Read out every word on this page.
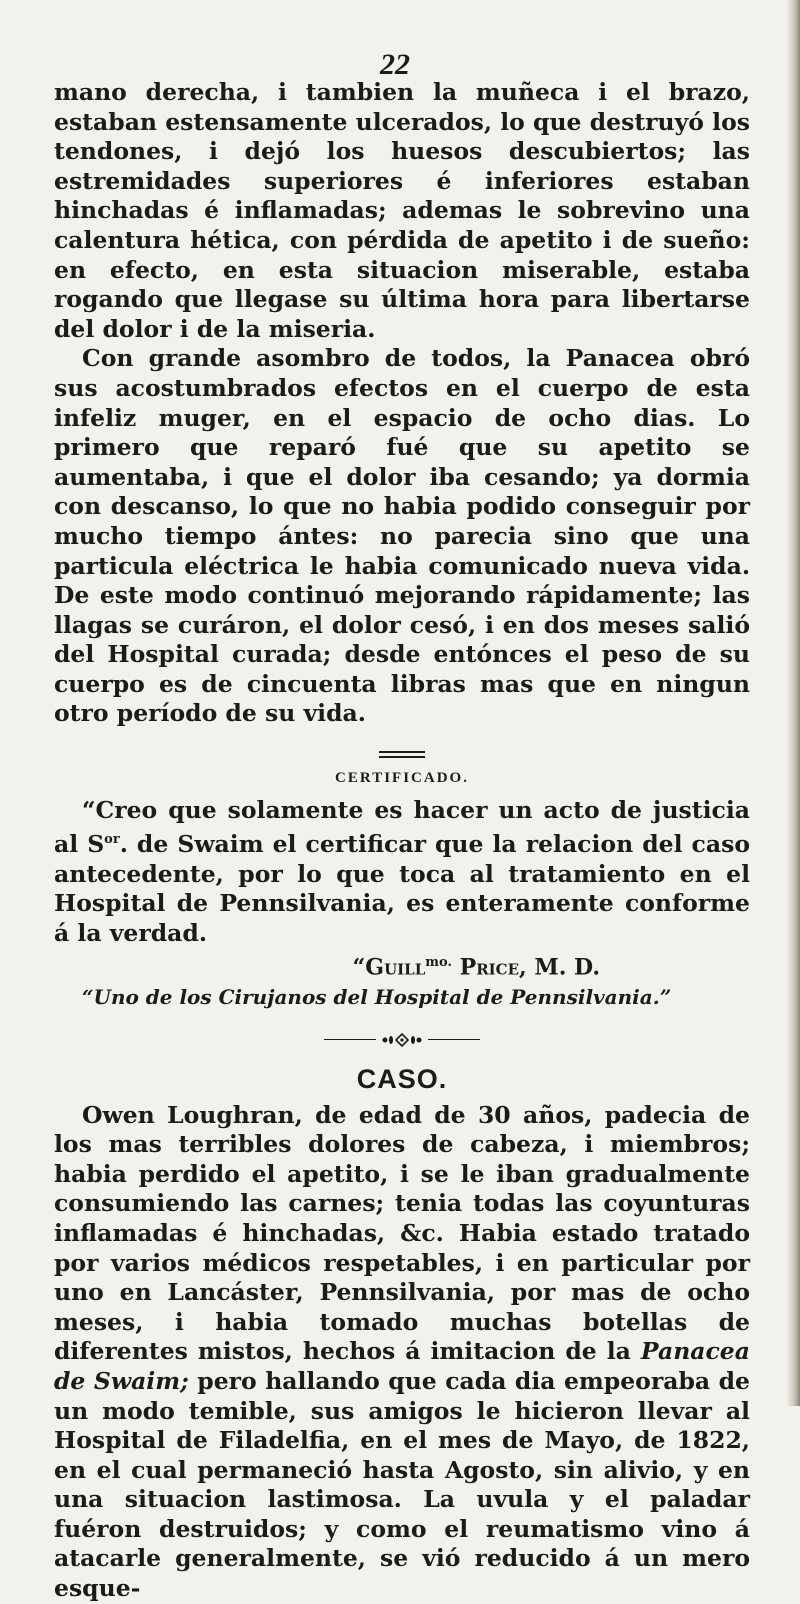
22

mano derecha, i tambien la muñeca i el brazo, estaban estensamente ulcerados, lo que destruyó los tendones, i dejó los huesos descubiertos; las estremidades superiores é inferiores estaban hinchadas é inflamadas; ademas le sobrevino una calentura hética, con pérdida de apetito i de sueño: en efecto, en esta situacion miserable, estaba rogando que llegase su última hora para libertarse del dolor i de la miseria.

Con grande asombro de todos, la Panacea obró sus acostumbrados efectos en el cuerpo de esta infeliz muger, en el espacio de ocho dias. Lo primero que reparó fué que su apetito se aumentaba, i que el dolor iba cesando; ya dormia con descanso, lo que no habia podido conseguir por mucho tiempo ántes: no parecia sino que una particula eléctrica le habia comunicado nueva vida. De este modo continuó mejorando rápidamente; las llagas se curáron, el dolor cesó, i en dos meses salió del Hospital curada; desde entónces el peso de su cuerpo es de cincuenta libras mas que en ningun otro período de su vida.

CERTIFICADO.

“Creo que solamente es hacer un acto de justicia al $S^{or}$. de Swaim el certificar que la relacion del caso antecedente, por lo que toca al tratamiento en el Hospital de Pennsilvania, es enteramente conforme á la verdad.

“Guill$^{mo.}$ Price, M. D.

“Uno de los Cirujanos del Hospital de Pennsilvania.”

CASO.

Owen Loughran, de edad de 30 años, padecia de los mas terribles dolores de cabeza, i miembros; habia perdido el apetito, i se le iban gradualmente consumiendo las carnes; tenia todas las coyunturas inflamadas é hinchadas, &c. Habia estado tratado por varios médicos respetables, i en particular por uno en Lancáster, Pennsilvania, por mas de ocho meses, i habia tomado muchas botellas de diferentes mistos, hechos á imitacion de la Panacea de Swaim; pero hallando que cada dia empeoraba de un modo temible, sus amigos le hicieron llevar al Hospital de Filadelfia, en el mes de Mayo, de 1822, en el cual permaneció hasta Agosto, sin alivio, y en una situacion lastimosa. La uvula y el paladar fuéron destruidos; y como el reumatismo vino á atacarle generalmente, se vió reducido á un mero esque-
